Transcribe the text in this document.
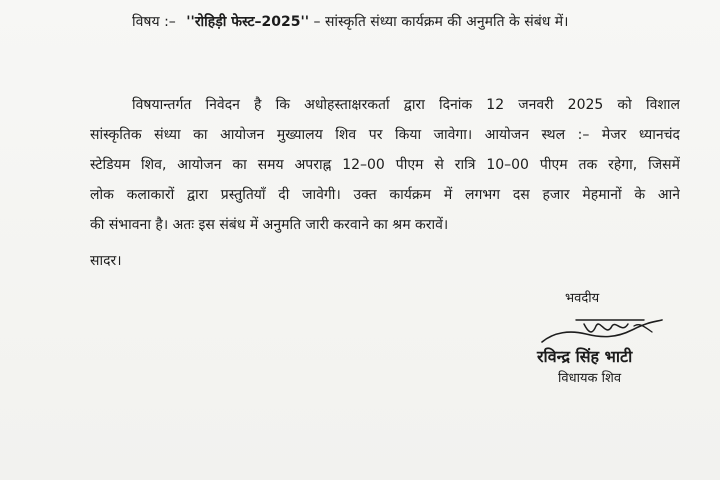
विषय :– ''रोहिड़ी फेस्ट–2025'' – सांस्कृति संध्या कार्यक्रम की अनुमति के संबंध में।
विषयान्तर्गत निवेदन है कि अधोहस्ताक्षरकर्ता द्वारा दिनांक 12 जनवरी 2025 को विशाल
सांस्कृतिक संध्या का आयोजन मुख्यालय शिव पर किया जावेगा। आयोजन स्थल :– मेजर ध्यानचंद
स्टेडियम शिव, आयोजन का समय अपराह्न 12–00 पीएम से रात्रि 10–00 पीएम तक रहेगा, जिसमें
लोक कलाकारों द्वारा प्रस्तुतियाँ दी जावेगी। उक्त कार्यक्रम में लगभग दस हजार मेहमानों के आने
की संभावना है। अतः इस संबंध में अनुमति जारी करवाने का श्रम करावें।
सादर।
भवदीय
रविन्द्र सिंह भाटी
विधायक शिव
